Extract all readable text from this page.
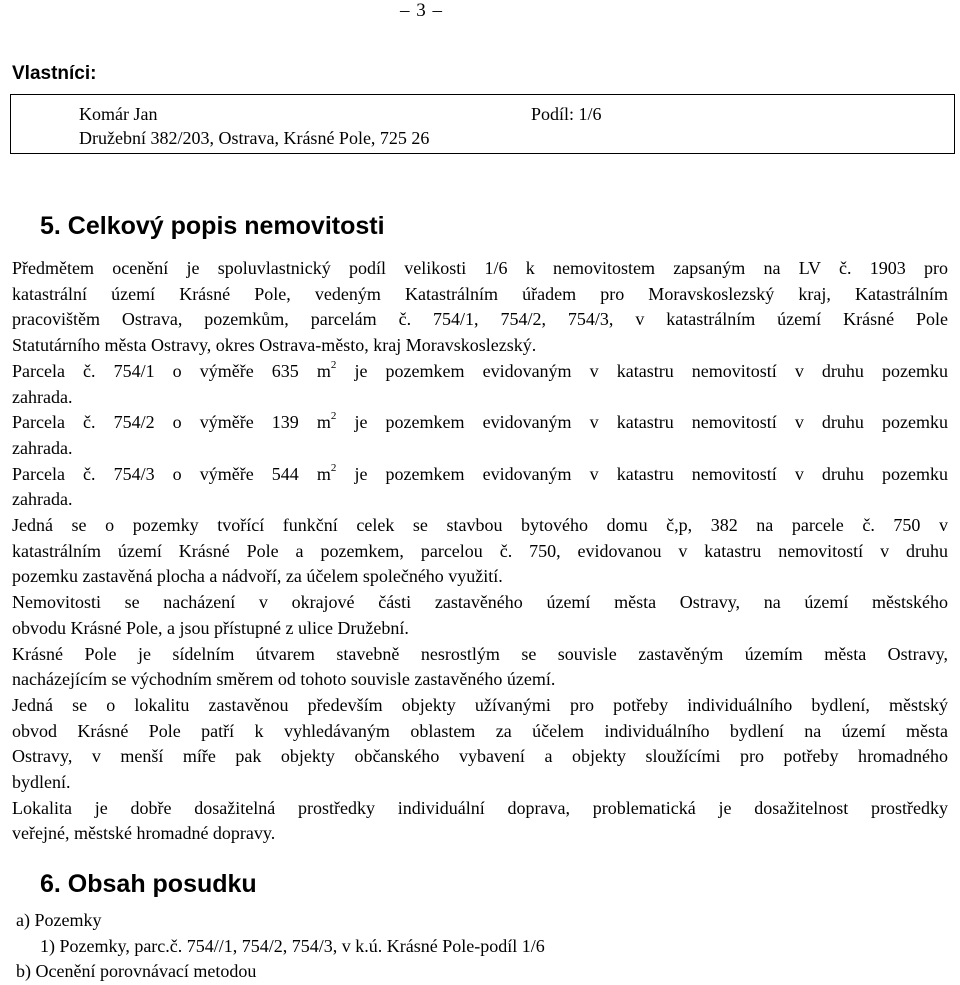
– 3 –
Vlastníci:
Komár Jan	Podíl: 1/6
Družební 382/203, Ostrava, Krásné Pole, 725 26
5. Celkový popis nemovitosti

Předmětem ocenění je spoluvlastnický podíl velikosti 1/6 k nemovitostem zapsaným na LV č. 1903 pro

katastrální území Krásné Pole, vedeným Katastrálním úřadem pro Moravskoslezský kraj, Katastrálním

pracovištěm Ostrava, pozemkům, parcelám č. 754/1, 754/2, 754/3, v katastrálním území Krásné Pole

Statutárního města Ostravy, okres Ostrava-město, kraj Moravskoslezský.

Parcela č. 754/1 o výměře 635 $m^2$ je pozemkem evidovaným v katastru nemovitostí v druhu pozemku

zahrada.

Parcela č. 754/2 o výměře 139 $m^2$ je pozemkem evidovaným v katastru nemovitostí v druhu pozemku

zahrada.

Parcela č. 754/3 o výměře 544 $m^2$ je pozemkem evidovaným v katastru nemovitostí v druhu pozemku

zahrada.

Jedná se o pozemky tvořící funkční celek se stavbou bytového domu č,p, 382 na parcele č. 750 v

katastrálním území Krásné Pole a pozemkem, parcelou č. 750, evidovanou v katastru nemovitostí v druhu

pozemku zastavěná plocha a nádvoří, za účelem společného využití.

Nemovitosti se nacházení v okrajové části zastavěného území města Ostravy, na území městského

obvodu Krásné Pole, a jsou přístupné z ulice Družební.

Krásné Pole je sídelním útvarem stavebně nesrostlým se souvisle zastavěným územím města Ostravy,

nacházejícím se východním směrem od tohoto souvisle zastavěného území.

Jedná se o lokalitu zastavěnou především objekty užívanými pro potřeby individuálního bydlení, městský

obvod Krásné Pole patří k vyhledávaným oblastem za účelem individuálního bydlení na území města

Ostravy, v menší míře pak objekty občanského vybavení a objekty sloužícími pro potřeby hromadného

bydlení.

Lokalita je dobře dosažitelná prostředky individuální doprava, problematická je dosažitelnost prostředky

veřejné, městské hromadné dopravy.

6. Obsah posudku
a) Pozemky
1) Pozemky, parc.č. 754//1, 754/2, 754/3, v k.ú. Krásné Pole-podíl 1/6
b) Ocenění porovnávací metodou
